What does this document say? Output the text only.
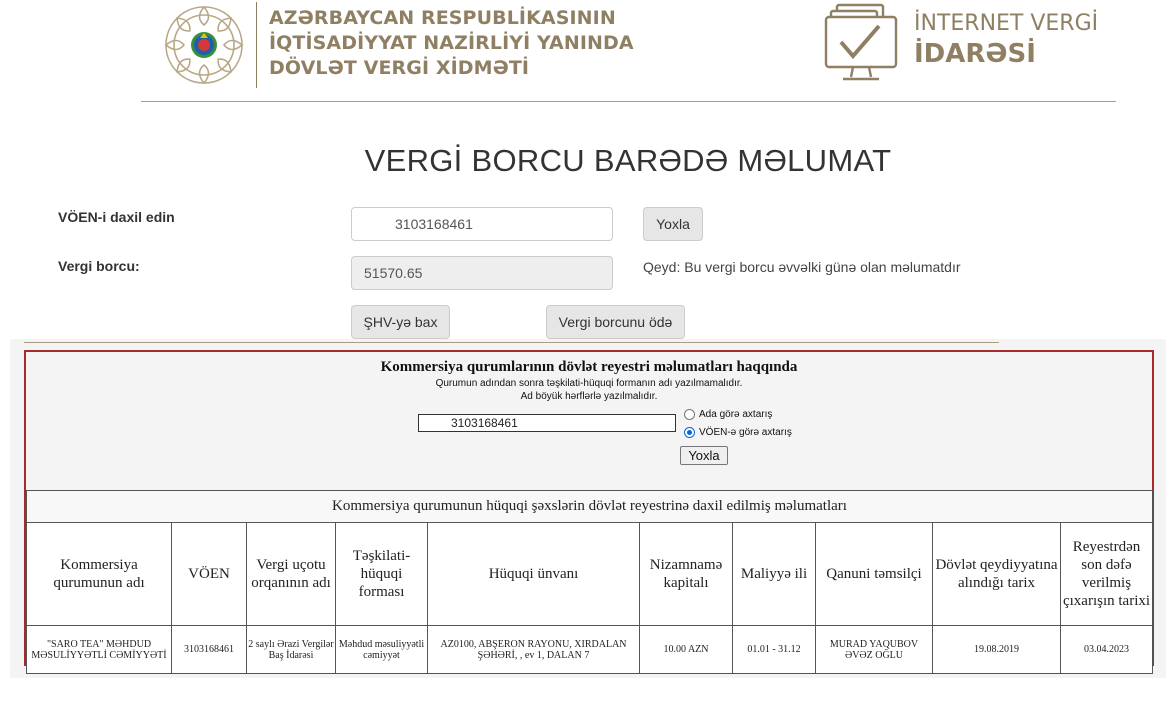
AZƏRBAYCAN RESPUBLİKASININ
İQTİSADİYYAT NAZİRLİYİ YANINDA
DÖVLƏT VERGİ XİDMƏTİ
İNTERNET VERGİ
İDARƏSİ
VERGİ BORCU BARƏDƏ MƏLUMAT
VÖEN-i daxil edin	3103168461	Yoxla
Vergi borcu:	51570.65	Qeyd: Bu vergi borcu əvvəlki günə olan məlumatdır
ŞHV-yə bax	Vergi borcunu ödə
Kommersiya qurumlarının dövlət reyestri məlumatları haqqında
Qurumun adından sonra təşkilati-hüquqi formanın adı yazılmamalıdır.
Ad böyük hərflərlə yazılmalıdır.
3103168461
Ada görə axtarış
VÖEN-ə görə axtarış
Yoxla
Kommersiya qurumunun hüquqi şəxslərin dövlət reyestrinə daxil edilmiş məlumatları									
Kommersiya qurumunun adı	VÖEN	Vergi uçotu orqanının adı	Təşkilati-hüquqi forması	Hüquqi ünvanı	Nizamnamə kapitalı	Maliyyə ili	Qanuni təmsilçi	Dövlət qeydiyyatına alındığı tarix	Reyestrdən son dəfə verilmiş çıxarışın tarixi
"SARO TEA" MƏHDUD MƏSULİYYƏTLİ CƏMİYYƏTİ	3103168461	2 saylı Ərazi Vergilər Baş İdarəsi	Məhdud məsuliyyətli cəmiyyət	AZ0100, ABŞERON RAYONU, XIRDALAN ŞƏHƏRİ, , ev 1, DALAN 7	10.00 AZN	01.01 - 31.12	MURAD YAQUBOV ƏVƏZ OĞLU	19.08.2019	03.04.2023
